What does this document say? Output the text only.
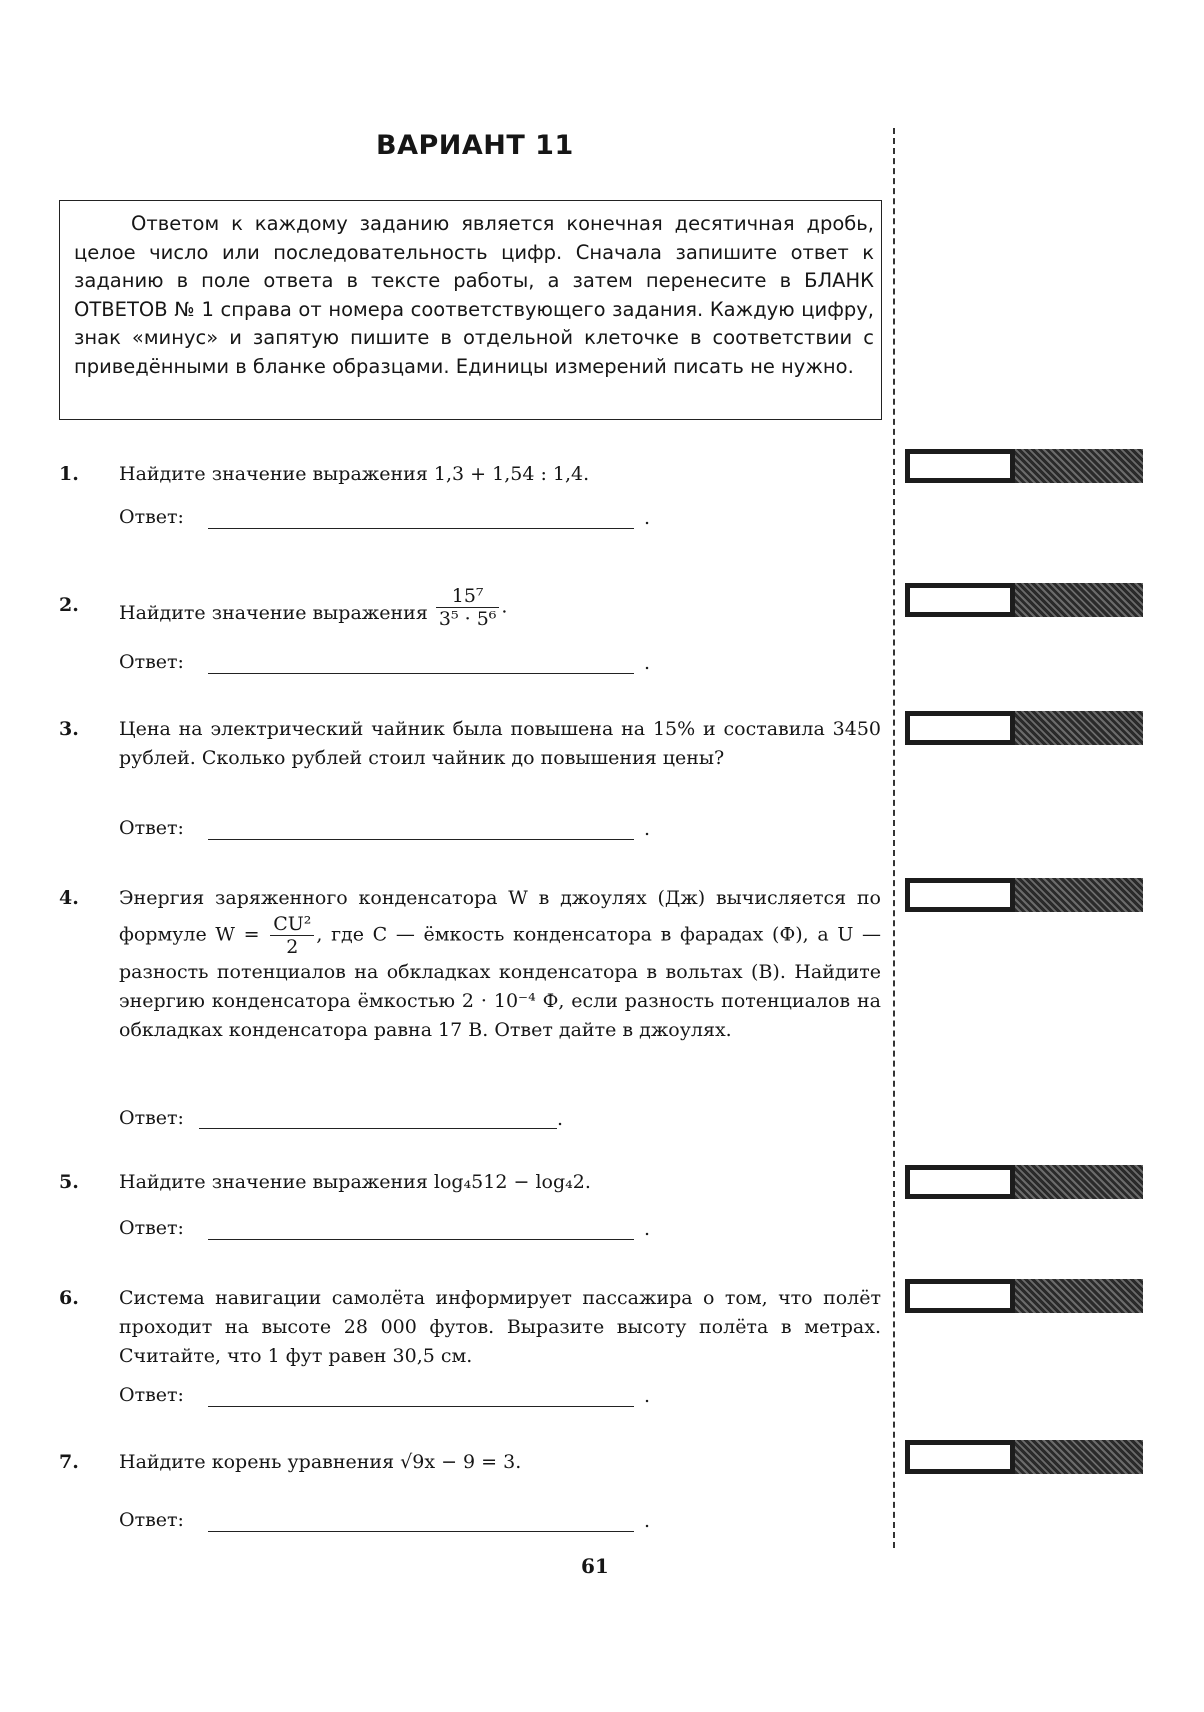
ВАРИАНТ 11

Ответом к каждому заданию является конечная десятичная дробь, целое число или последовательность цифр. Сначала запишите ответ к заданию в поле ответа в тексте работы, а затем перенесите в БЛАНК ОТВЕТОВ № 1 справа от номера соответствующего задания. Каждую цифру, знак «минус» и запятую пишите в отдельной клеточке в соответствии с приведёнными в бланке образцами. Единицы измерений писать не нужно.

1. Найдите значение выражения 1,3 + 1,54 : 1,4.

Ответ:	.
2. Найдите значение выражения $\frac{\text{15⁷}}{\text{3⁵ · 5⁶}}$ .

Ответ:	.
3. Цена на электрический чайник была повышена на 15% и составила 3450 рублей. Сколько рублей стоил чайник до повышения цены?

Ответ:	.
4. Энергия заряженного конденсатора W в джоулях (Дж) вычисляется по формуле $W = \frac{\text{CU²}}{2}$ , где C — ёмкость конденсатора в фарадах (Ф), а U — разность потенциалов на обкладках конденсатора в вольтах (В). Найдите энергию конденсатора ёмкостью 2 · 10⁻⁴ Ф, если разность потенциалов на обкладках конденсатора равна 17 В. Ответ дайте в джоулях.

Ответ:	.
5. Найдите значение выражения log₄512 − log₄2.

Ответ:	.
6. Система навигации самолёта информирует пассажира о том, что полёт проходит на высоте 28 000 футов. Выразите высоту полёта в метрах. Считайте, что 1 фут равен 30,5 см.

Ответ:	.
7. Найдите корень уравнения √9x − 9 = 3.

Ответ:	.
61
